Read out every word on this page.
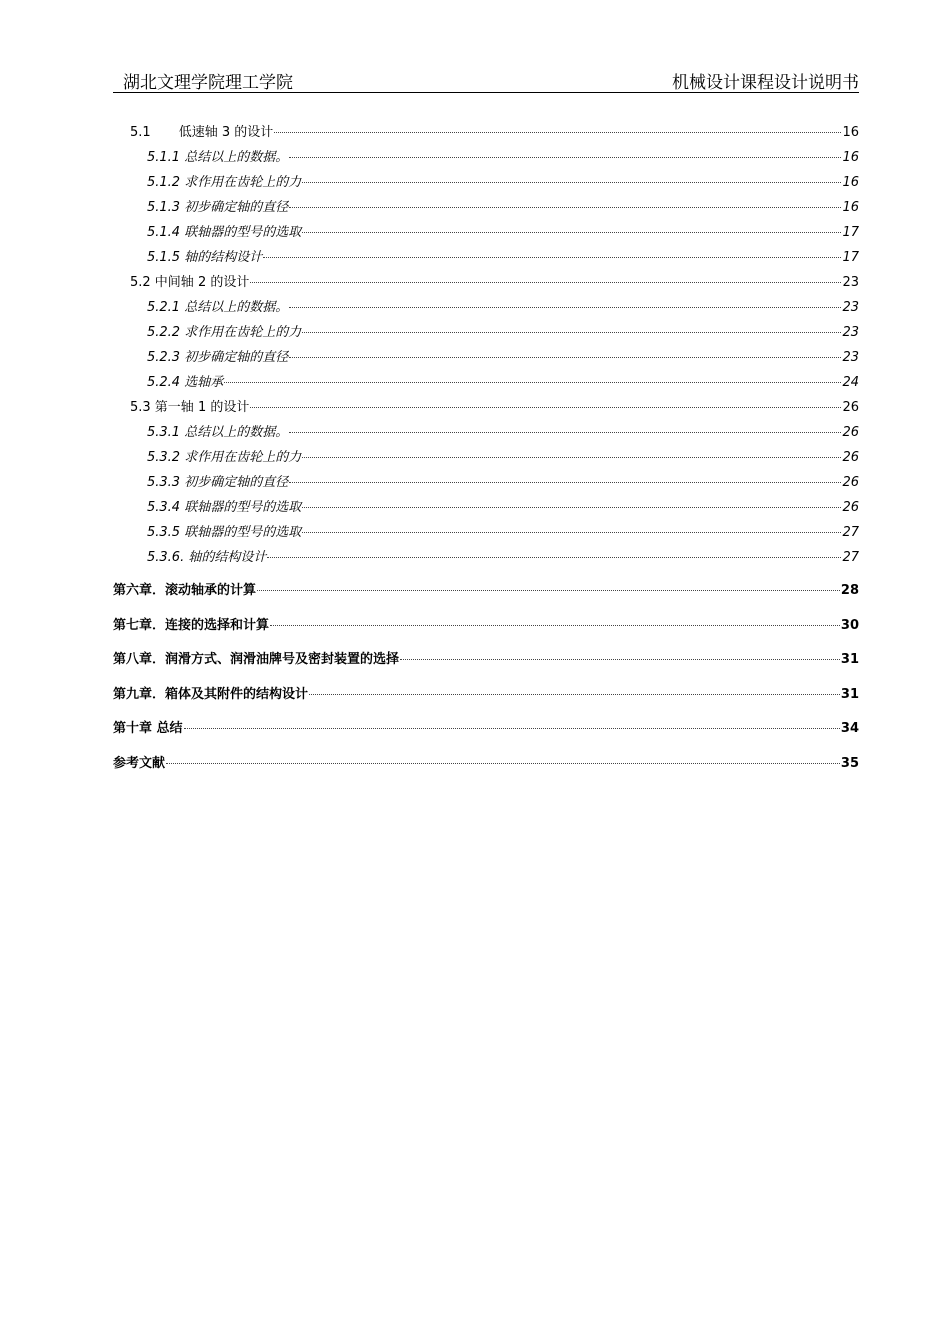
湖北文理学院理工学院	机械设计课程设计说明书
5.1 低速轴 3 的设计	16
5.1.1 总结以上的数据。	16
5.1.2 求作用在齿轮上的力	16
5.1.3 初步确定轴的直径	16
5.1.4 联轴器的型号的选取	17
5.1.5 轴的结构设计	17
5.2 中间轴 2 的设计	23
5.2.1 总结以上的数据。	23
5.2.2 求作用在齿轮上的力	23
5.2.3 初步确定轴的直径	23
5.2.4 选轴承	24
5.3 第一轴 1 的设计	26
5.3.1 总结以上的数据。	26
5.3.2 求作用在齿轮上的力	26
5.3.3 初步确定轴的直径	26
5.3.4 联轴器的型号的选取	26
5.3.5 联轴器的型号的选取	27
5.3.6. 轴的结构设计	27
第六章．滚动轴承的计算	28
第七章．连接的选择和计算	30
第八章．润滑方式、润滑油牌号及密封装置的选择	31
第九章．箱体及其附件的结构设计	31
第十章 总结	34
参考文献	35
